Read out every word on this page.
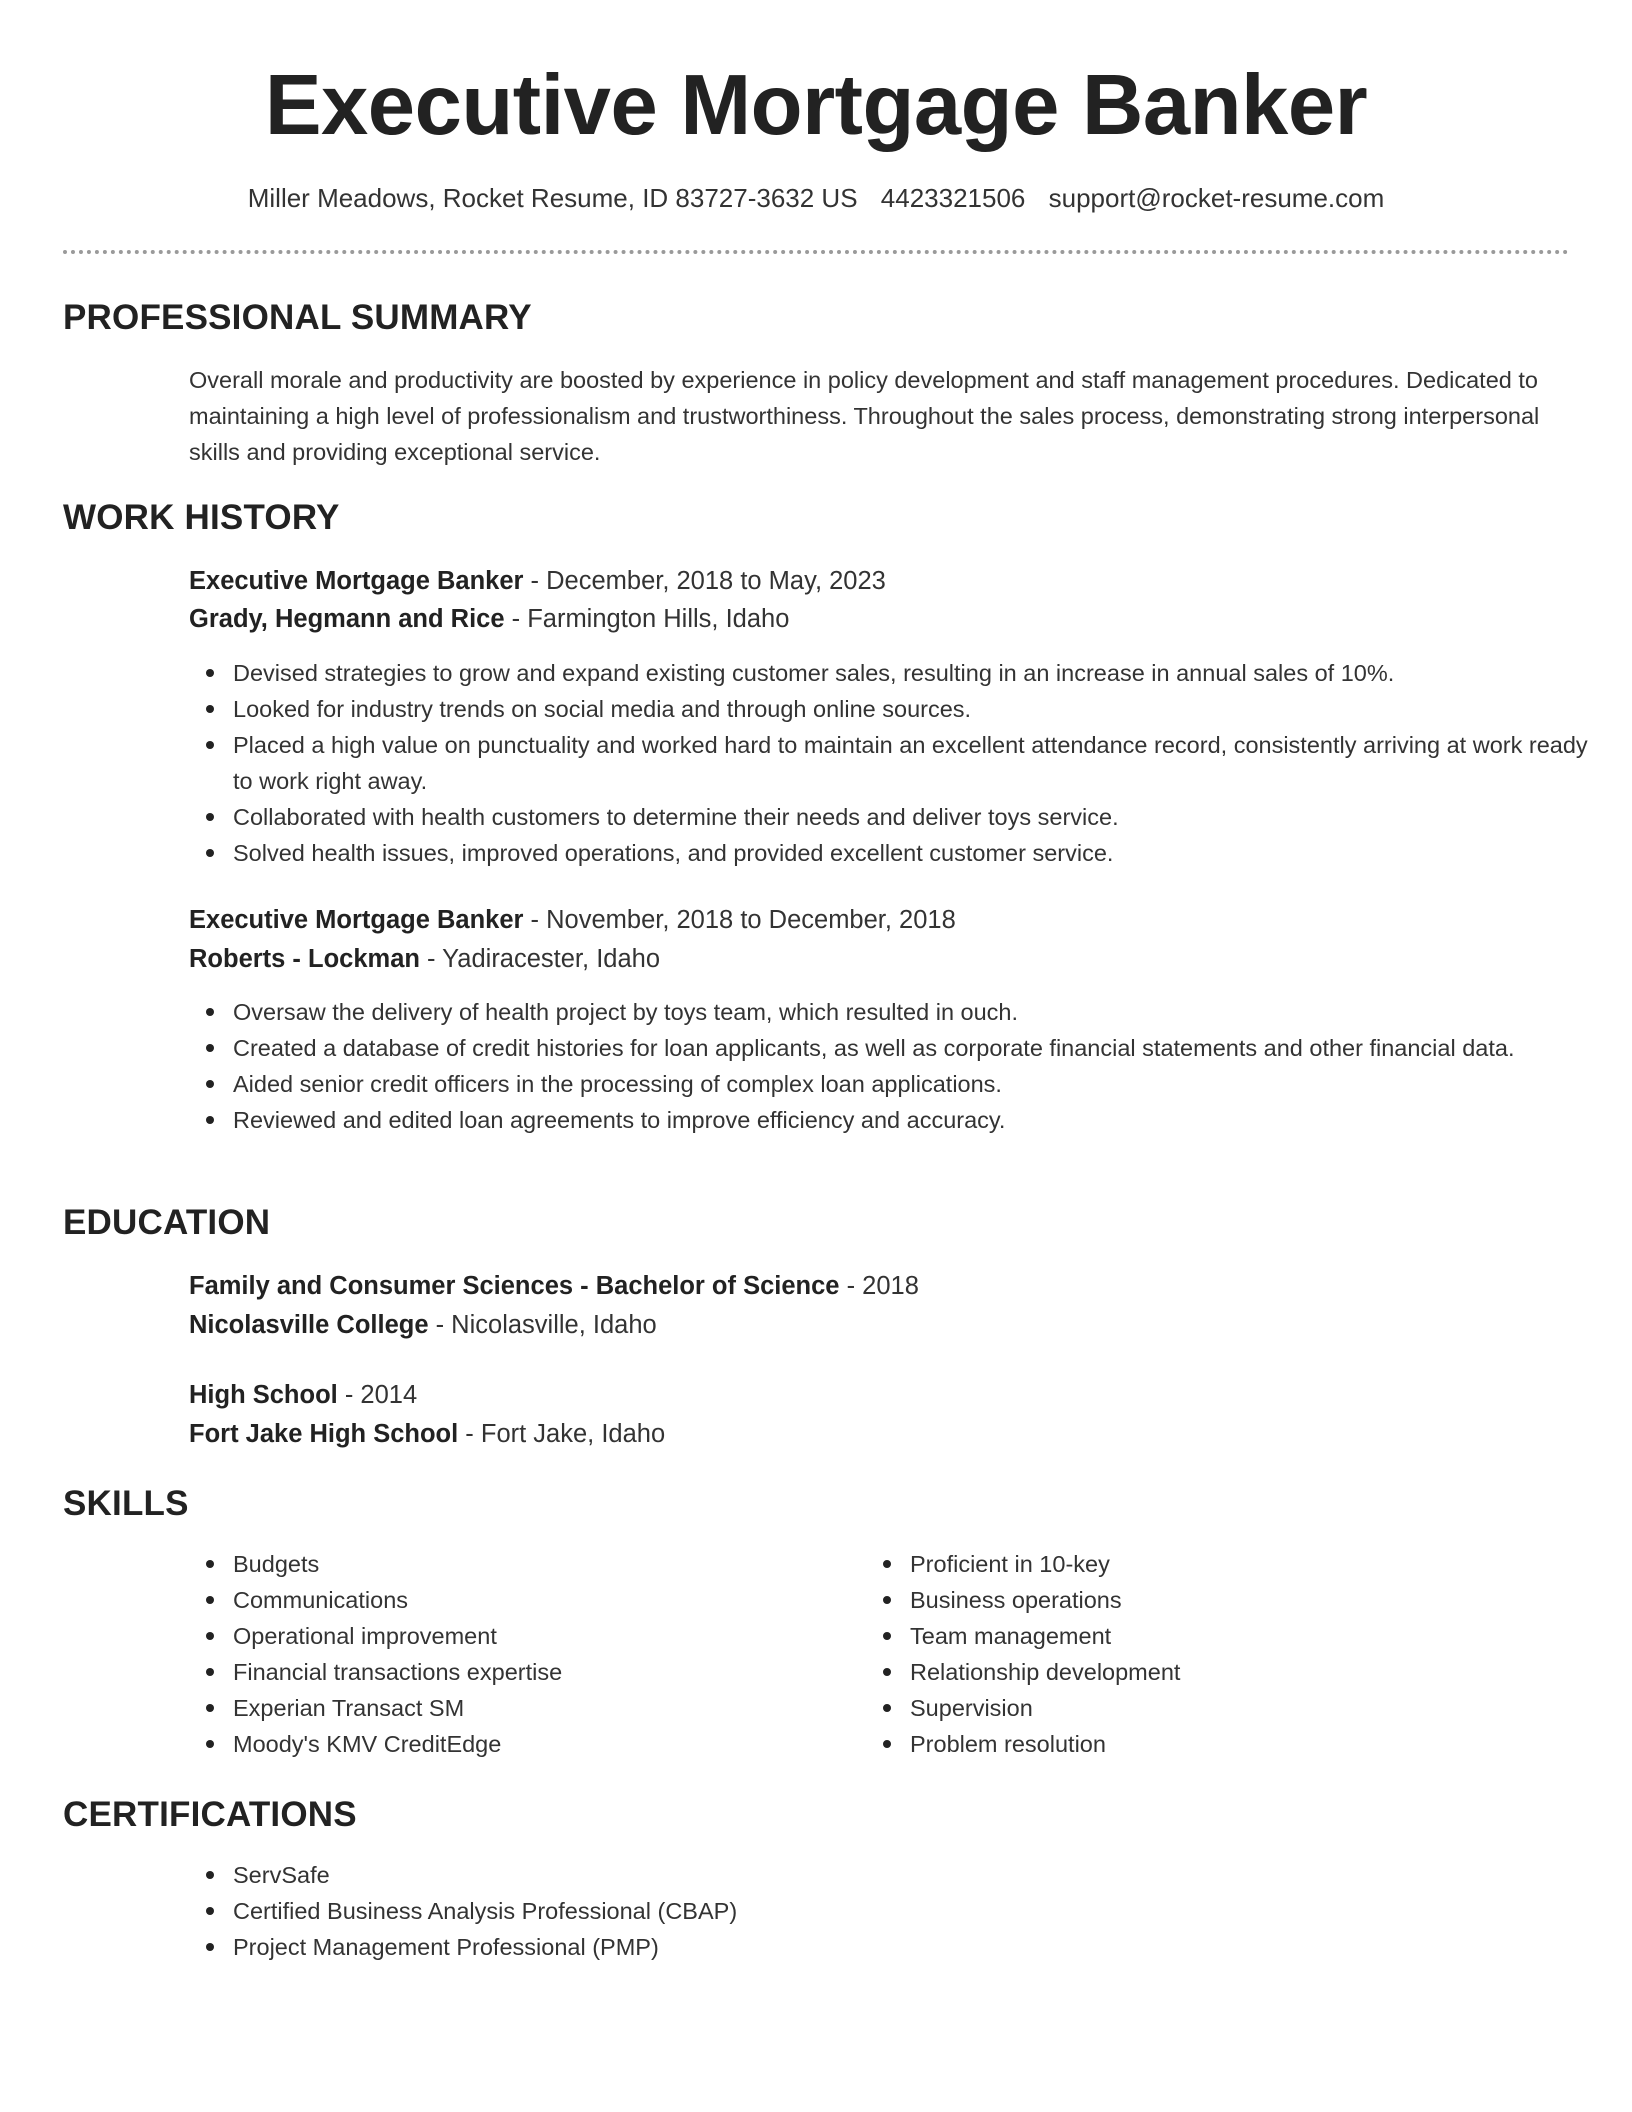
Executive Mortgage Banker
Miller Meadows, Rocket Resume, ID 83727-3632 US 4423321506 support@rocket-resume.com
PROFESSIONAL SUMMARY
Overall morale and productivity are boosted by experience in policy development and staff management procedures. Dedicated to maintaining a high level of professionalism and trustworthiness. Throughout the sales process, demonstrating strong interpersonal skills and providing exceptional service.
WORK HISTORY
Executive Mortgage Banker - December, 2018 to May, 2023
Grady, Hegmann and Rice - Farmington Hills, Idaho
Devised strategies to grow and expand existing customer sales, resulting in an increase in annual sales of 10%.
Looked for industry trends on social media and through online sources.
Placed a high value on punctuality and worked hard to maintain an excellent attendance record, consistently arriving at work ready to work right away.
Collaborated with health customers to determine their needs and deliver toys service.
Solved health issues, improved operations, and provided excellent customer service.
Executive Mortgage Banker - November, 2018 to December, 2018
Roberts - Lockman - Yadiracester, Idaho
Oversaw the delivery of health project by toys team, which resulted in ouch.
Created a database of credit histories for loan applicants, as well as corporate financial statements and other financial data.
Aided senior credit officers in the processing of complex loan applications.
Reviewed and edited loan agreements to improve efficiency and accuracy.
EDUCATION
Family and Consumer Sciences - Bachelor of Science - 2018
Nicolasville College - Nicolasville, Idaho
High School - 2014
Fort Jake High School - Fort Jake, Idaho
SKILLS
Budgets
Communications
Operational improvement
Financial transactions expertise
Experian Transact SM
Moody's KMV CreditEdge
Proficient in 10-key
Business operations
Team management
Relationship development
Supervision
Problem resolution
CERTIFICATIONS
ServSafe
Certified Business Analysis Professional (CBAP)
Project Management Professional (PMP)
